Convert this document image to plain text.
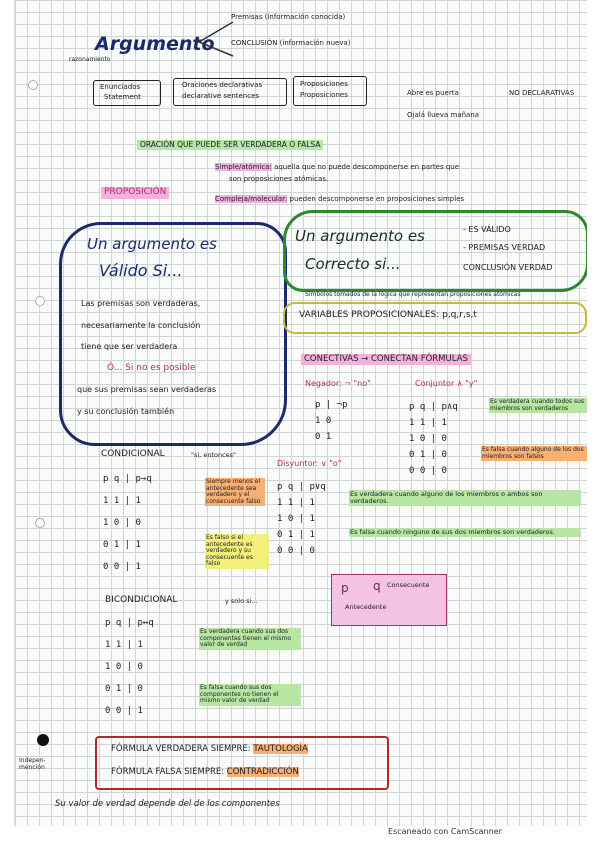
Argumento
razonamiento
Premisas (información conocida)
CONCLUSIÓN (información nueva)
Enunciados
Statement
Oraciones declarativas
declarative sentences
Proposiciones
Proposiciones	Abre es puerta
Ojalá llueva mañana
NO DECLARATIVAS
ORACIÓN QUE PUEDE SER VERDADERA O FALSA
PROPOSICIÓN
Simple/atómica: aquella que no puede descomponerse en partes que
son proposiciones atómicas.
Compleja/molecular: pueden descomponerse en proposiciones simples
Un argumento es
Válido Si...
Las premisas son verdaderas,
necesariamente la conclusión
tiene que ser verdadera
Ó... Si no es posible
que sus premisas sean verdaderas
y su conclusión también
Un argumento es
Correcto si...
- ES VÁLIDO
- PREMISAS VERDAD
CONCLUSIÓN VERDAD
Símbolos tomados de la lógica que representan proposiciones atómicas
VARIABLES PROPOSICIONALES: p,q,r,s,t
CONECTIVAS → CONECTAN FÓRMULAS
Negador: ¬ "no"	Conjuntor ∧ "y"
Disyuntor: ∨ "o"
p | ¬p
1 0
0 1
p q | p∧q
1 1 | 1
1 0 | 0
0 1 | 0
0 0 | 0
Es verdadera cuando todos sus miembros son verdaderos
Es falsa cuando alguno de los dos miembros son falsos
p q | p∨q
1 1 | 1
1 0 | 1
0 1 | 1
0 0 | 0
Es verdadera cuando alguno de los miembros o ambos son verdaderos.
Es falsa cuando ninguno de sus dos miembros son verdaderos.
CONDICIONAL	"si, entonces"
p q | p→q
1 1 | 1
1 0 | 0
0 1 | 1
0 0 | 1
Siempre menos el antecedente sea verdadero y el consecuente falso
Es falso si el antecedente es verdadero y su consecuente es falso
p q Consecuente
Antecedente
BICONDICIONAL	y solo si...
p q | p↔q
1 1 | 1
1 0 | 0
0 1 | 0
0 0 | 1
Es verdadera cuando sus dos componentes tienen el mismo valor de verdad
Es falsa cuando sus dos componentes no tienen el mismo valor de verdad
Indepen- mención
FÓRMULA VERDADERA SIEMPRE: TAUTOLOGÍA
FÓRMULA FALSA SIEMPRE: CONTRADICCIÓN
Su valor de verdad depende del de los componentes
Escaneado con CamScanner
